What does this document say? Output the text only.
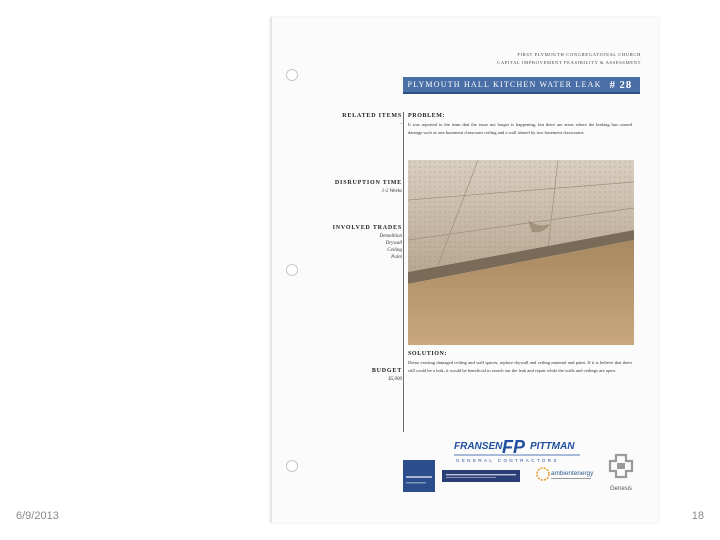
6/9/2013	18
FIRST PLYMOUTH CONGREGATIONAL CHURCH
CAPITAL IMPROVEMENT FEASIBILITY & ASSESSMENT
PLYMOUTH HALL KITCHEN WATER LEAK # 28
RELATED ITEMS
-
DISRUPTION TIME
1-2 Weeks
INVOLVED TRADES
Demolition
Drywall
Ceiling
Paint
BUDGET
$5,000
PROBLEM:
It was reported to the team that the issue not longer is happening, but there are areas where the leaking has caused damage such as one basement classroom ceiling and a wall shared by two basement classrooms.
SOLUTION:
Demo existing damaged ceiling and wall spaces, replace drywall and ceiling material and paint. If it is believe that there still could be a leak, it would be beneficial to search out the leak and repair while the walls and ceilings are open.
FRANSEN FP PITTMAN
GENERAL CONTRACTORS
ambientenergy
Genesis
